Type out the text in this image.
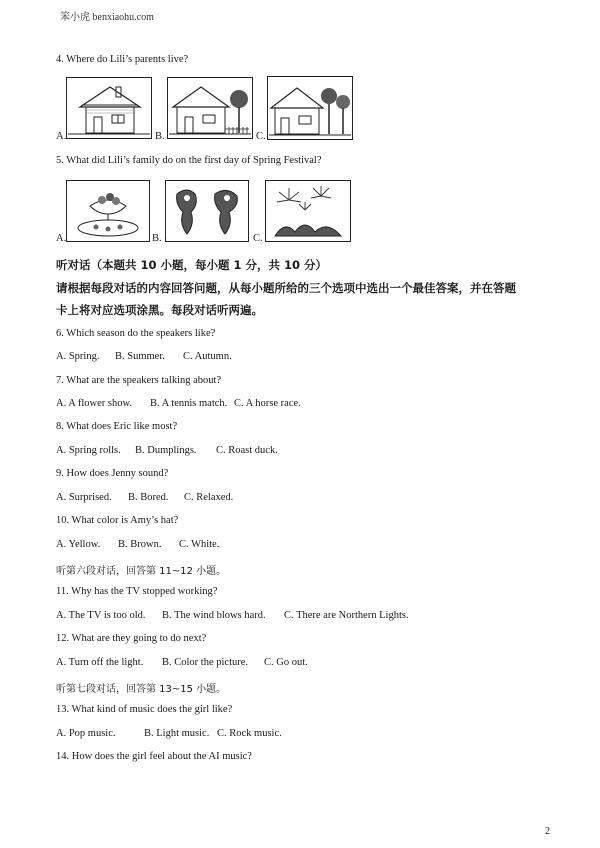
笨小虎 benxiaohu.com
4. Where do Lili’s parents live?
A.	B.	C.
5. What did Lili’s family do on the first day of Spring Festival?
A.	B.	C.
听对话（本题共 10 小题，每小题 1 分，共 10 分）
请根据每段对话的内容回答问题，从每小题所给的三个选项中选出一个最佳答案，并在答题
卡上将对应选项涂黑。每段对话听两遍。
6. Which season do the speakers like?
A. Spring. B. Summer. C. Autumn.
7. What are the speakers talking about?
A. A flower show. B. A tennis match. C. A horse race.
8. What does Eric like most?
A. Spring rolls. B. Dumplings. C. Roast duck.
9. How does Jenny sound?
A. Surprised. B. Bored. C. Relaxed.
10. What color is Amy’s hat?
A. Yellow. B. Brown. C. White.
听第六段对话，回答第 11~12 小题。
11. Why has the TV stopped working?
A. The TV is too old. B. The wind blows hard. C. There are Northern Lights.
12. What are they going to do next?
A. Turn off the light. B. Color the picture. C. Go out.
听第七段对话，回答第 13~15 小题。
13. What kind of music does the girl like?
A. Pop music.	B. Light music. C. Rock music.
14. How does the girl feel about the AI music?
2
